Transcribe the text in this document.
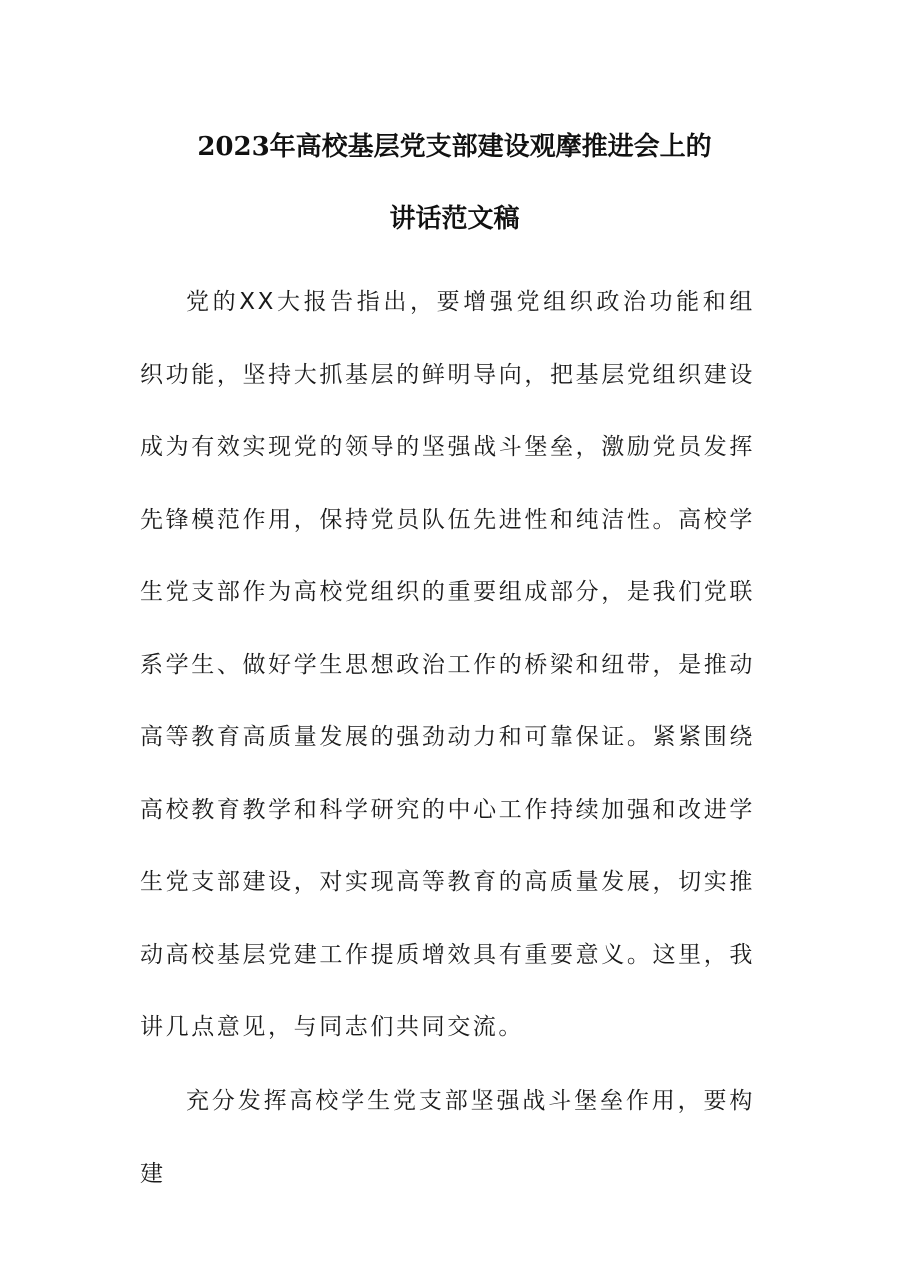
2023年高校基层党支部建设观摩推进会上的
讲话范文稿

党的XX大报告指出，要增强党组织政治功能和组织功能，坚持大抓基层的鲜明导向，把基层党组织建设成为有效实现党的领导的坚强战斗堡垒，激励党员发挥先锋模范作用，保持党员队伍先进性和纯洁性。高校学生党支部作为高校党组织的重要组成部分，是我们党联系学生、做好学生思想政治工作的桥梁和纽带，是推动高等教育高质量发展的强劲动力和可靠保证。紧紧围绕高校教育教学和科学研究的中心工作持续加强和改进学生党支部建设，对实现高等教育的高质量发展，切实推动高校基层党建工作提质增效具有重要意义。这里，我讲几点意见，与同志们共同交流。

充分发挥高校学生党支部坚强战斗堡垒作用，要构建
